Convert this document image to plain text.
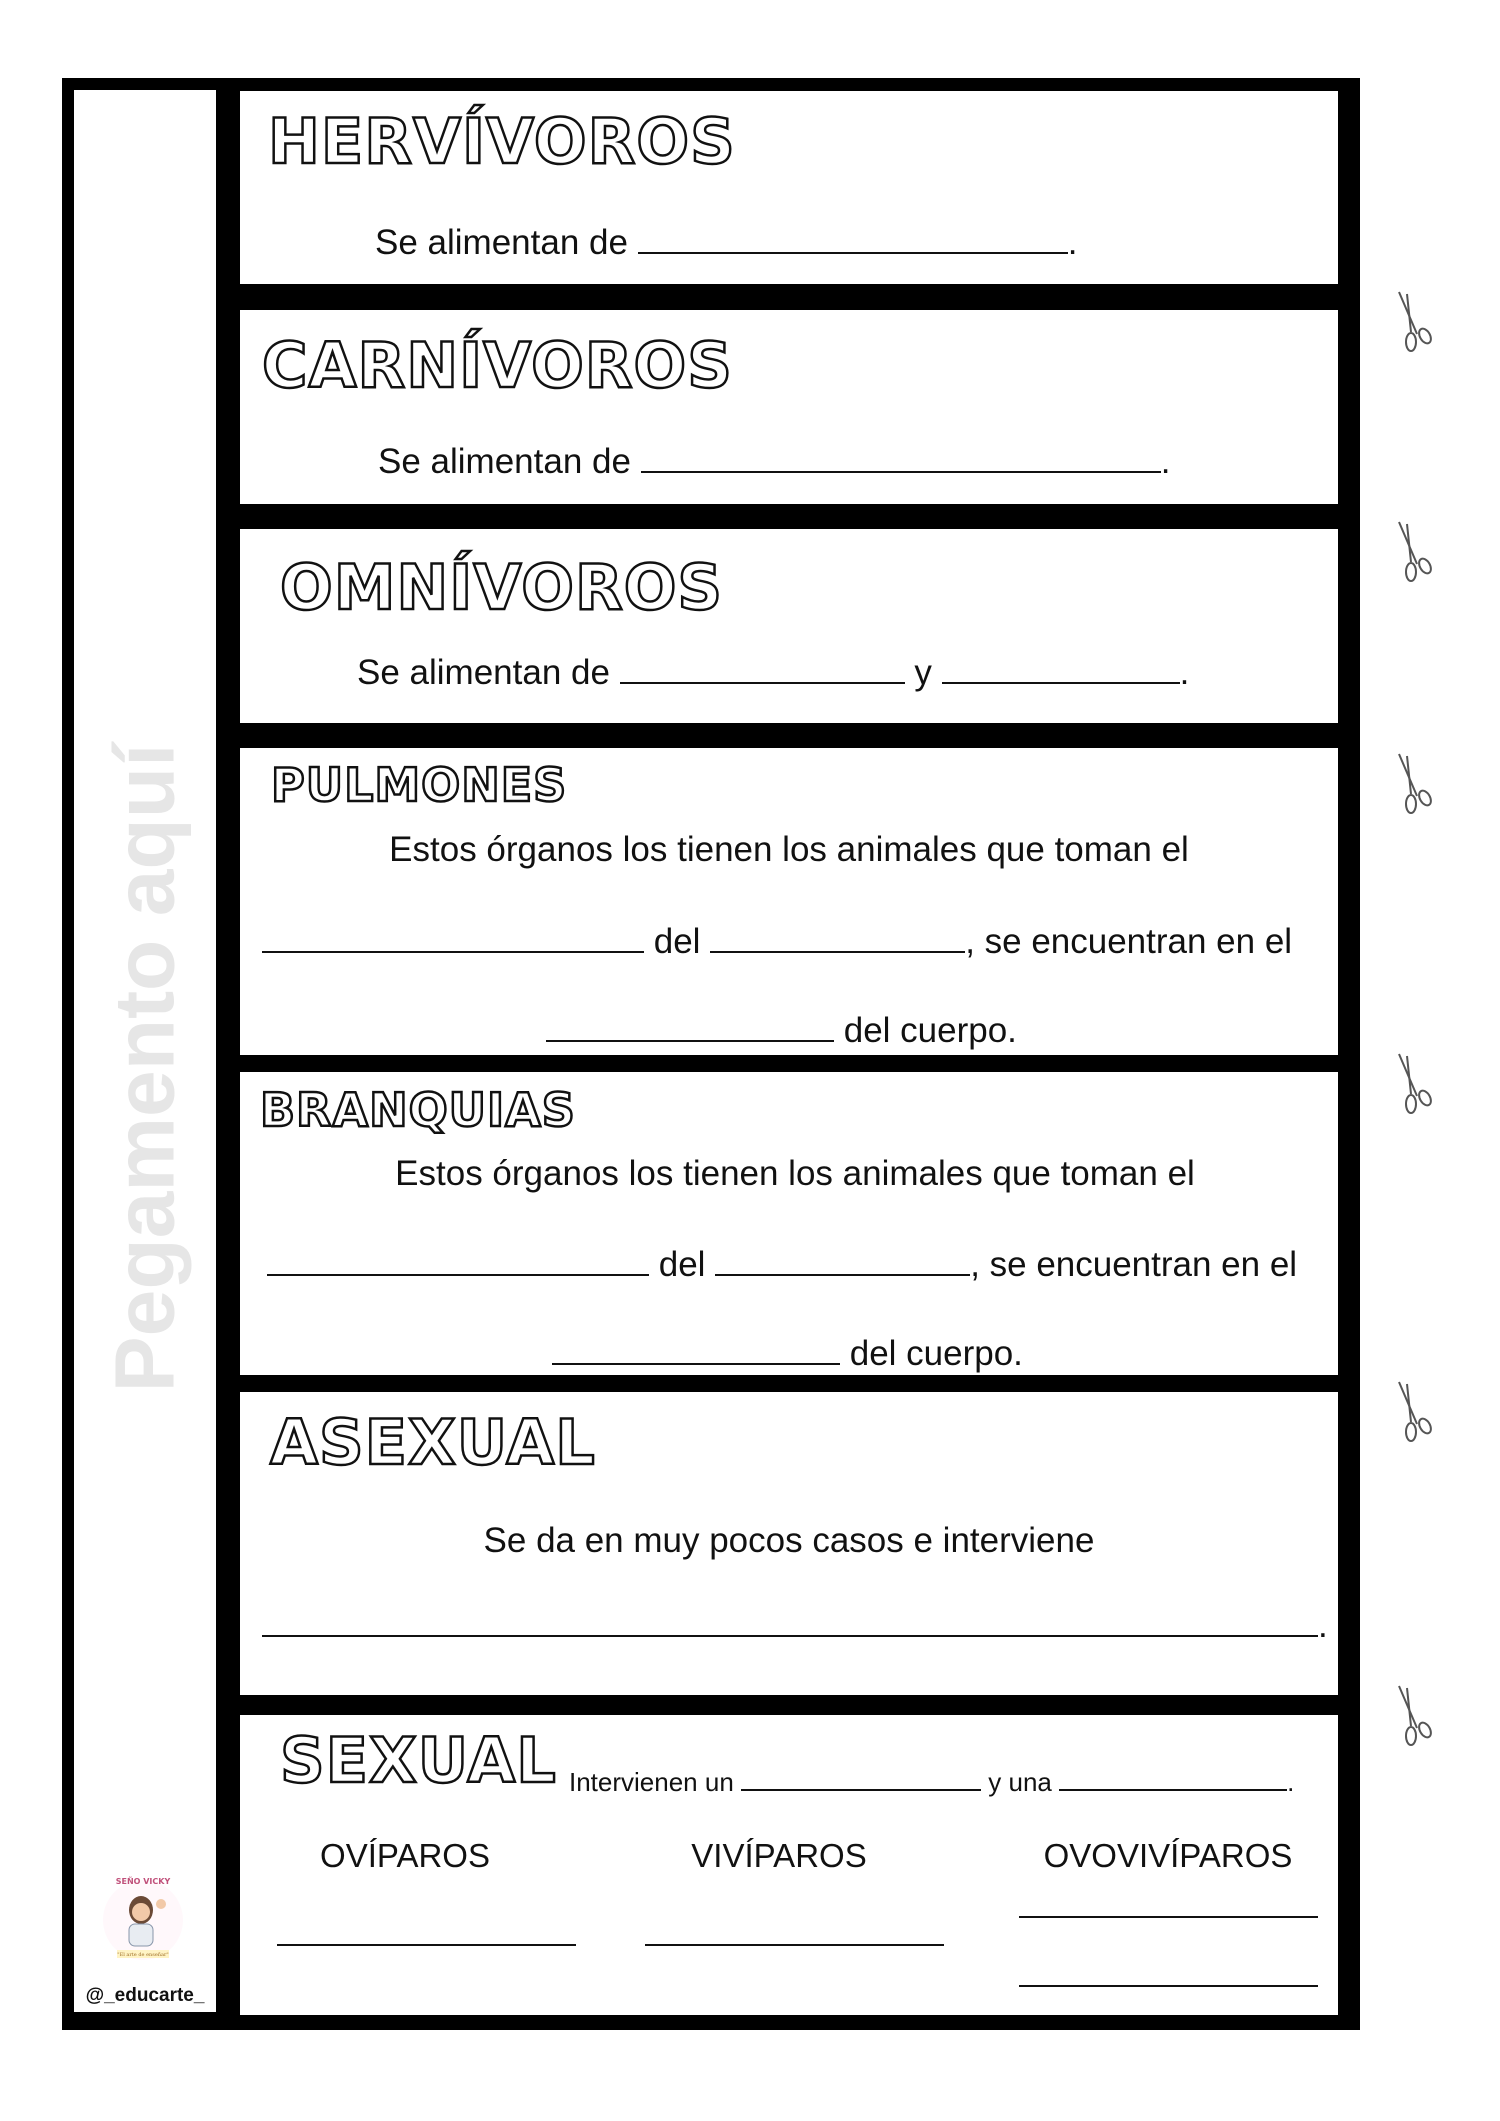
Pegamento aquí
SEÑO VICKY
"El arte de enseñar"
@_educarte_
HERVÍVOROS
Se alimentan de	.
CARNÍVOROS
Se alimentan de	.
OMNÍVOROS
Se alimentan de	y	.
PULMONES
Estos órganos los tienen los animales que toman el
del	, se encuentran en el
del cuerpo.
BRANQUIAS
Estos órganos los tienen los animales que toman el
del	, se encuentran en el
del cuerpo.
ASEXUAL
Se da en muy pocos casos e interviene
.
SEXUAL Intervienen un	y una	.
OVÍPAROS	VIVÍPAROS	OVOVIVÍPAROS
